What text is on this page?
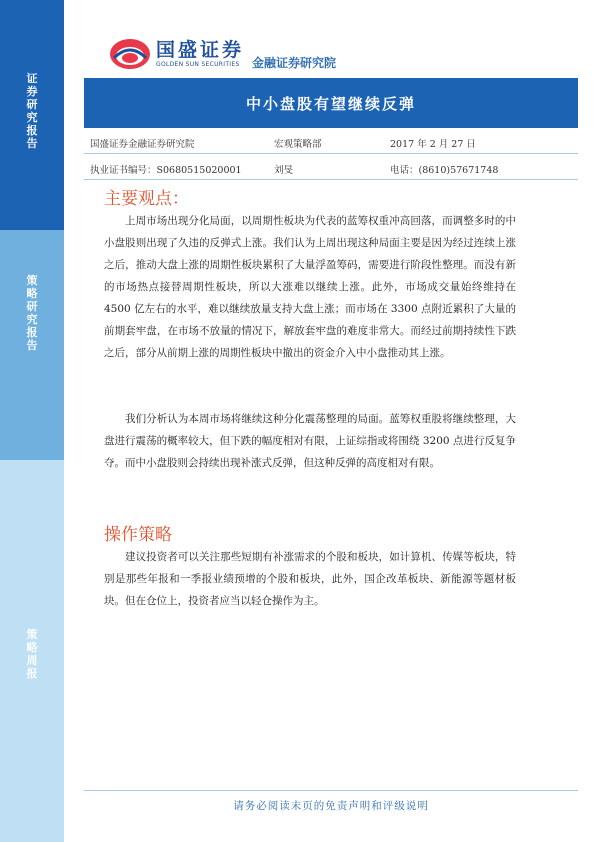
证券研究报告
策略研究报告
策略周报
国盛证券
GOLDEN SUN SECURITIES	金融证券研究院
中小盘股有望继续反弹
国盛证券金融证券研究院	宏观策略部	2017 年 2 月 27 日
执业证书编号：S0680515020001	刘旻	电话：(8610)57671748
主要观点：
上周市场出现分化局面，以周期性板块为代表的蓝筹权重冲高回落，而调整多时的中小盘股则出现了久违的反弹式上涨。我们认为上周出现这种局面主要是因为经过连续上涨之后，推动大盘上涨的周期性板块累积了大量浮盈筹码，需要进行阶段性整理。而没有新的市场热点接替周期性板块，所以大涨难以继续上涨。此外，市场成交量始终维持在 4500 亿左右的水平，难以继续放量支持大盘上涨；而市场在 3300 点附近累积了大量的前期套牢盘，在市场不放量的情况下，解放套牢盘的难度非常大。而经过前期持续性下跌之后，部分从前期上涨的周期性板块中撤出的资金介入中小盘推动其上涨。
我们分析认为本周市场将继续这种分化震荡整理的局面。蓝筹权重股将继续整理，大盘进行震荡的概率较大，但下跌的幅度相对有限，上证综指或将围绕 3200 点进行反复争夺。而中小盘股则会持续出现补涨式反弹，但这种反弹的高度相对有限。
操作策略
建议投资者可以关注那些短期有补涨需求的个股和板块，如计算机、传媒等板块，特别是那些年报和一季报业绩预增的个股和板块，此外，国企改革板块、新能源等题材板块。但在仓位上，投资者应当以轻仓操作为主。
请务必阅读末页的免责声明和评级说明
